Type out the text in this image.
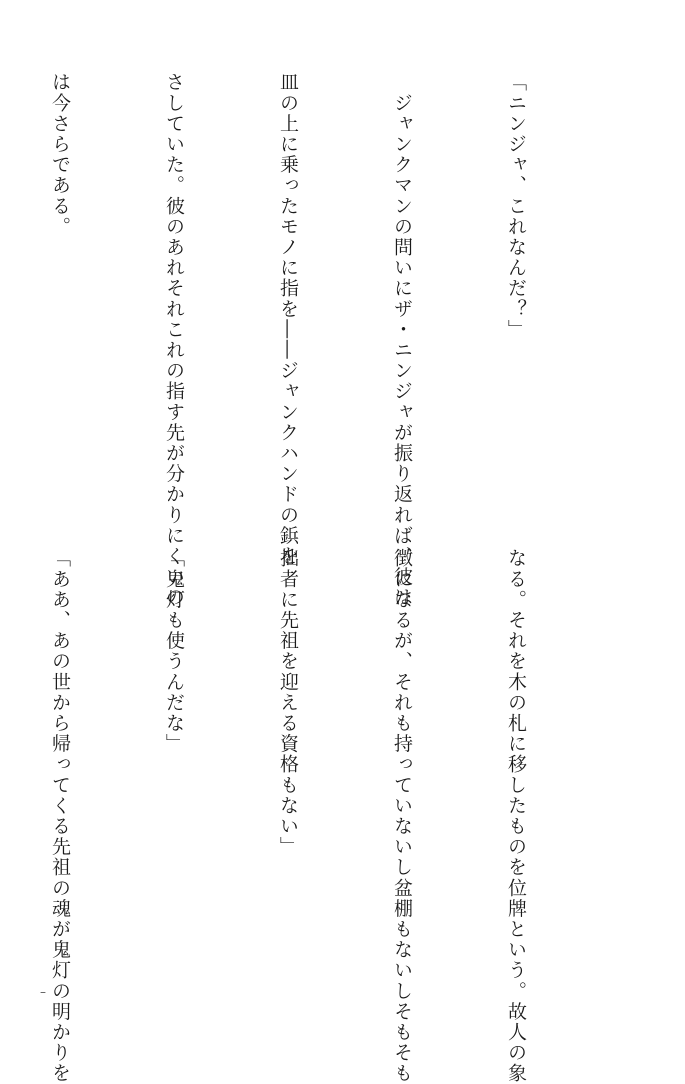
「ニンジャ、これなんだ？」

　ジャンクマンの問いにザ・ニンジャが振り返れば、彼は

皿の上に乗ったモノに指を――ジャンクハンドの鋲を

さしていた。彼のあれそれこれの指す先が分かりにくいの

は今さらである。

なる。それを木の札に移したものを位牌という。故人の象

徴になるが、それも持っていないし盆棚もないしそもそも

拙者に先祖を迎える資格もない」

「鬼灯も使うんだな」

「ああ、あの世から帰ってくる先祖の魂が鬼灯の明かりを

–
